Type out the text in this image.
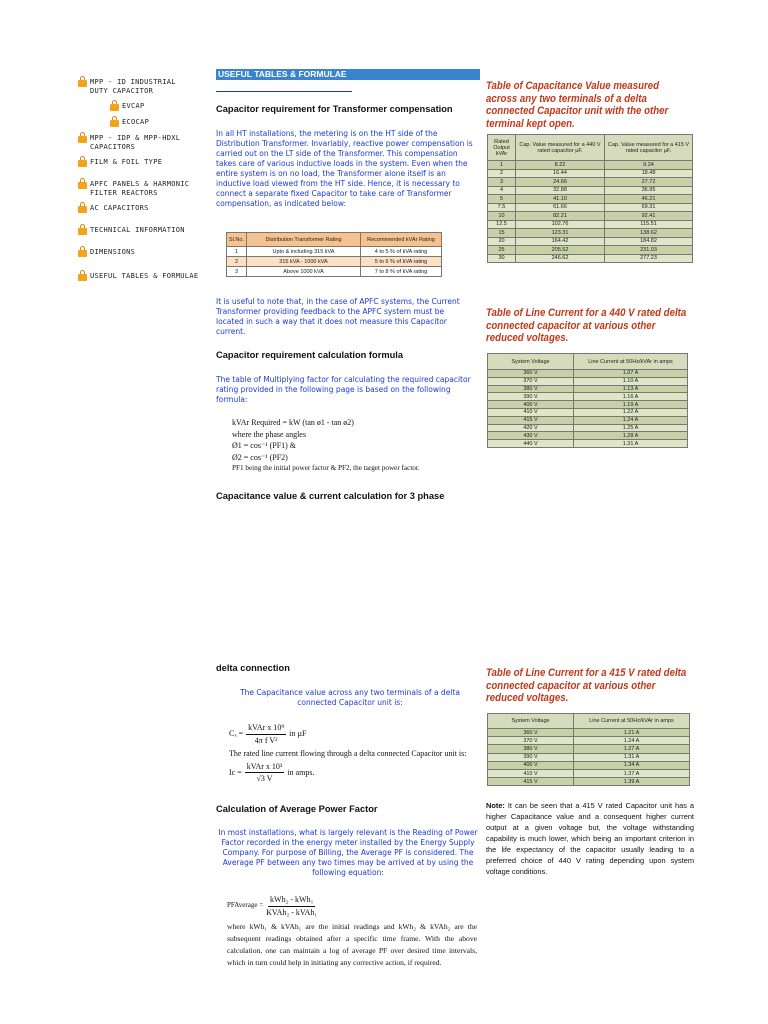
MPP - ID INDUSTRIAL DUTY CAPACITOR
EVCAP
ECOCAP
MPP - IDP & MPP-HDXL CAPACITORS
FILM & FOIL TYPE
APFC PANELS & HARMONIC FILTER REACTORS
AC CAPACITORS
TECHNICAL INFORMATION
DIMENSIONS
USEFUL TABLES & FORMULAE
USEFUL TABLES & FORMULAE
Capacitor requirement for Transformer compensation
In all HT installations, the metering is on the HT side of the Distribution Transformer. Invariably, reactive power compensation is carried out on the LT side of the Transformer. This compensation takes care of various inductive loads in the system. Even when the entire system is on no load, the Transformer alone itself is an inductive load viewed from the HT side. Hence, it is necessary to connect a separate fixed Capacitor to take care of Transformer compensation, as indicated below:
Sl.No.	Distribution Transformer Rating	Recommended kVAr Rating
1	Upto & including 315 kVA	4 to 5 % of kVA rating
2	315 kVA - 1000 kVA	5 to 6 % of kVA rating
3	Above 1000 kVA	7 to 8 % of kVA rating
It is useful to note that, in the case of APFC systems, the Current Transformer providing feedback to the APFC system must be located in such a way that it does not measure this Capacitor current.
Capacitor requirement calculation formula
The table of Multiplying factor for calculating the required capacitor rating provided in the following page is based on the following formula:
kVAr Required = kW (tan ø1 - tan ø2)
where the phase angles
Ø1 = cos⁻¹ (PF1) &
Ø2 = cos⁻¹ (PF2)
PF1 being the initial power factor & PF2, the target power factor.
Capacitance value & current calculation for 3 phase
delta connection
The Capacitance value across any two terminals of a delta connected Capacitor unit is:
$C_x = \frac{\text{kVAr x 10⁹}}{\text{4π f V²}}$ in µF
The rated line current flowing through a delta connected Capacitor unit is:
$Ic = \frac{\text{kVAr x 10³}}{√3 V}$ in amps.
Calculation of Average Power Factor
In most installations, what is largely relevant is the Reading of Power Factor recorded in the energy meter installed by the Energy Supply Company. For purpose of Billing, the Average PF is considered. The Average PF between any two times may be arrived at by using the following equation:
PFAverage = $\frac{\text{kWh₂ - kWh₁}}{\text{KVAh₂ - kVAh₁}}$
where kWh₁ & kVAh₁ are the initial readings and kWh₂ & kVAh₂ are the subsequent readings obtained after a specific time frame. With the above calculation, one can maintain a log of average PF over desired time intervals, which in turn could help in initiating any corrective action, if required.
Table of Capacitance Value measured across any two terminals of a delta connected Capacitor unit with the other terminal kept open.
Rated Output kVAr	Cap. Value measured for a 440 V rated capacitor µF.	Cap. Value measured for a 415 V rated capacitor µF.
1	8.22	9.24
2	16.44	18.48
3	24.66	27.72
4	32.88	36.95
5	41.10	46.21
7.5	61.66	69.31
10	82.21	92.41
12.5	102.76	115.51
15	123.31	138.62
20	164.42	184.82
25	205.52	231.03
30	246.62	277.23
Table of Line Current for a 440 V rated delta connected capacitor at various other reduced voltages.
System Voltage	Line Current at 50Hz/kVAr in amps
360 V	1.07 A
370 V	1.10 A
380 V	1.13 A
390 V	1.16 A
400 V	1.19 A
410 V	1.22 A
415 V	1.24 A
420 V	1.25 A
430 V	1.28 A
440 V	1.31 A
Table of Line Current for a 415 V rated delta connected capacitor at various other reduced voltages.
System Voltage	Line Current at 50Hz/kVAr in amps
360 V	1.21 A
370 V	1.24 A
380 V	1.27 A
390 V	1.31 A
400 V	1.34 A
410 V	1.37 A
415 V	1.39 A
Note: It can be seen that a 415 V rated Capacitor unit has a higher Capacitance value and a consequent higher current output at a given voltage but, the voltage withstanding capability is much lower, which being an important criterion in the life expectancy of the capacitor usually leading to a preferred choice of 440 V rating depending upon system voltage conditions.
